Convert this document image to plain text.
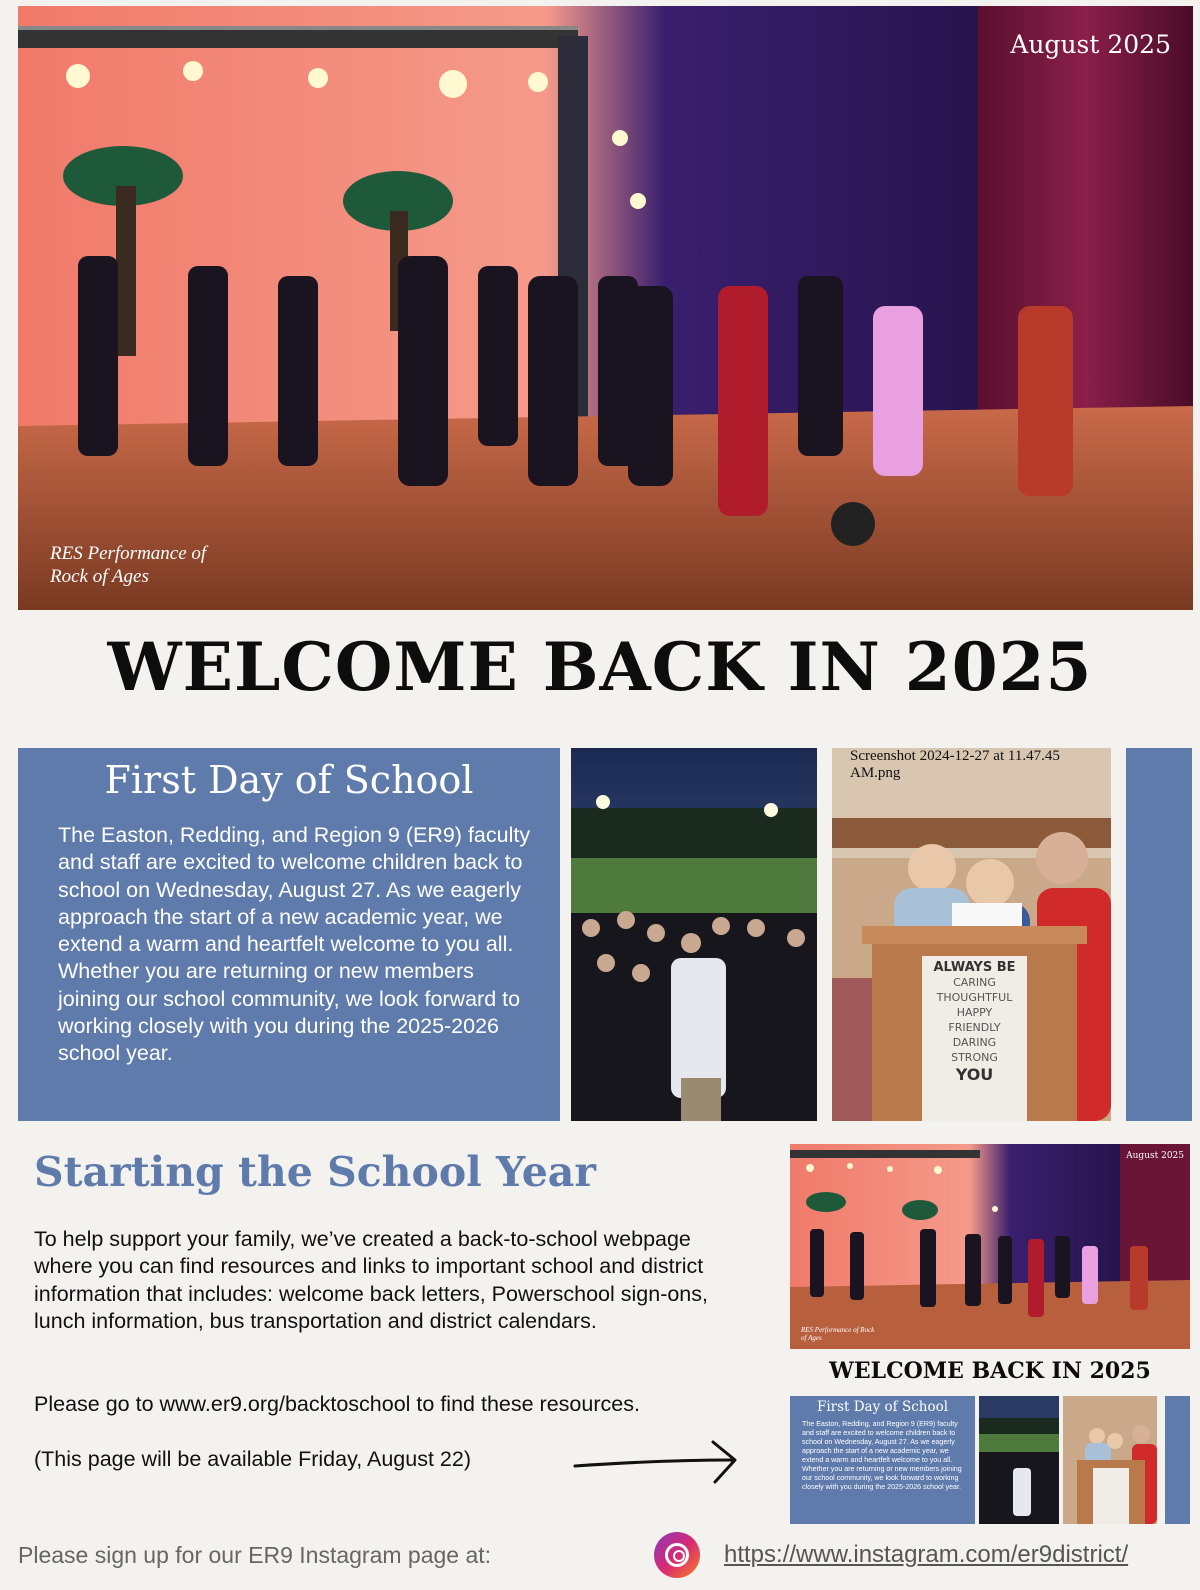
August 2025
RES Performance of
Rock of Ages
WELCOME BACK IN 2025
First Day of School

The Easton, Redding, and Region 9 (ER9) faculty and staff are excited to welcome children back to school on Wednesday, August 27. As we eagerly approach the start of a new academic year, we extend a warm and heartfelt welcome to you all. Whether you are returning or new members joining our school community, we look forward to working closely with you during the 2025-2026 school year.

Screenshot 2024-12-27 at 11.47.45 AM.png
ALWAYS BE
CARING
THOUGHTFUL
HAPPY
FRIENDLY
DARING
STRONG
YOU
Starting the School Year

To help support your family, we’ve created a back-to-school webpage where you can find resources and links to important school and district information that includes: welcome back letters, Powerschool sign-ons, lunch information, bus transportation and district calendars.

Please go to www.er9.org/backtoschool to find these resources.

(This page will be available Friday, August 22)

August 2025
RES Performance of Rock of Ages
WELCOME BACK IN 2025
First Day of School

The Easton, Redding, and Region 9 (ER9) faculty and staff are excited to welcome children back to school on Wednesday, August 27. As we eagerly approach the start of a new academic year, we extend a warm and heartfelt welcome to you all. Whether you are returning or new members joining our school community, we look forward to working closely with you during the 2025-2026 school year.

Please sign up for our ER9 Instagram page at:	https://www.instagram.com/er9district/
